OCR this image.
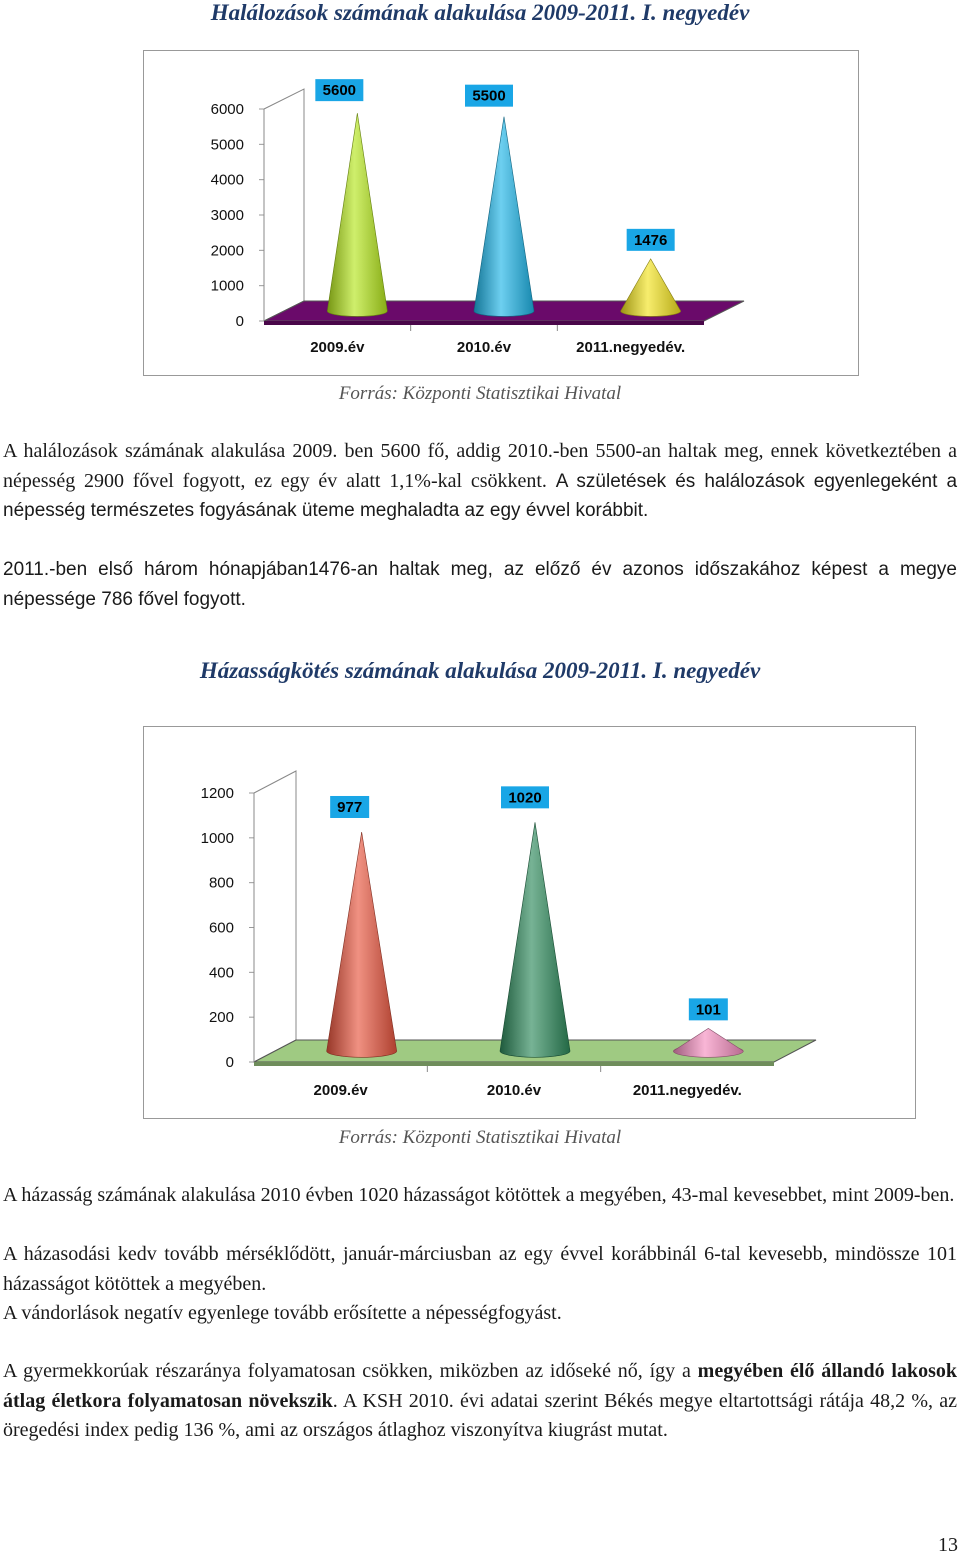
Halálozások számának alakulása 2009-2011. I. negyedév
0
1000
2000
3000
4000
5000
6000
5600
2009.év
5500
2010.év
1476
2011.negyedév.
Forrás: Központi Statisztikai Hivatal

A halálozások számának alakulása 2009. ben 5600 fő, addig 2010.-ben 5500-an haltak meg, ennek következtében a népesség 2900 fővel fogyott, ez egy év alatt 1,1%-kal csökkent. A születések és halálozások egyenlegeként a népesség természetes fogyásának üteme meghaladta az egy évvel korábbit.

2011.-ben első három hónapjában1476-an haltak meg, az előző év azonos időszakához képest a megye népessége 786 fővel fogyott.

Házasságkötés számának alakulása 2009-2011. I. negyedév
0
200
400
600
800
1000
1200
977
2009.év
1020
2010.év
101
2011.negyedév.
Forrás: Központi Statisztikai Hivatal

A házasság számának alakulása 2010 évben 1020 házasságot kötöttek a megyében, 43-mal kevesebbet, mint 2009-ben.

A házasodási kedv tovább mérséklődött, január-márciusban az egy évvel korábbinál 6-tal kevesebb, mindössze 101 házasságot kötöttek a megyében.

A vándorlások negatív egyenlege tovább erősítette a népességfogyást.

A gyermekkorúak részaránya folyamatosan csökken, miközben az időseké nő, így a megyében élő állandó lakosok átlag életkora folyamatosan növekszik. A KSH 2010. évi adatai szerint Békés megye eltartottsági rátája 48,2 %, az öregedési index pedig 136 %, ami az országos átlaghoz viszonyítva kiugrást mutat.

13
